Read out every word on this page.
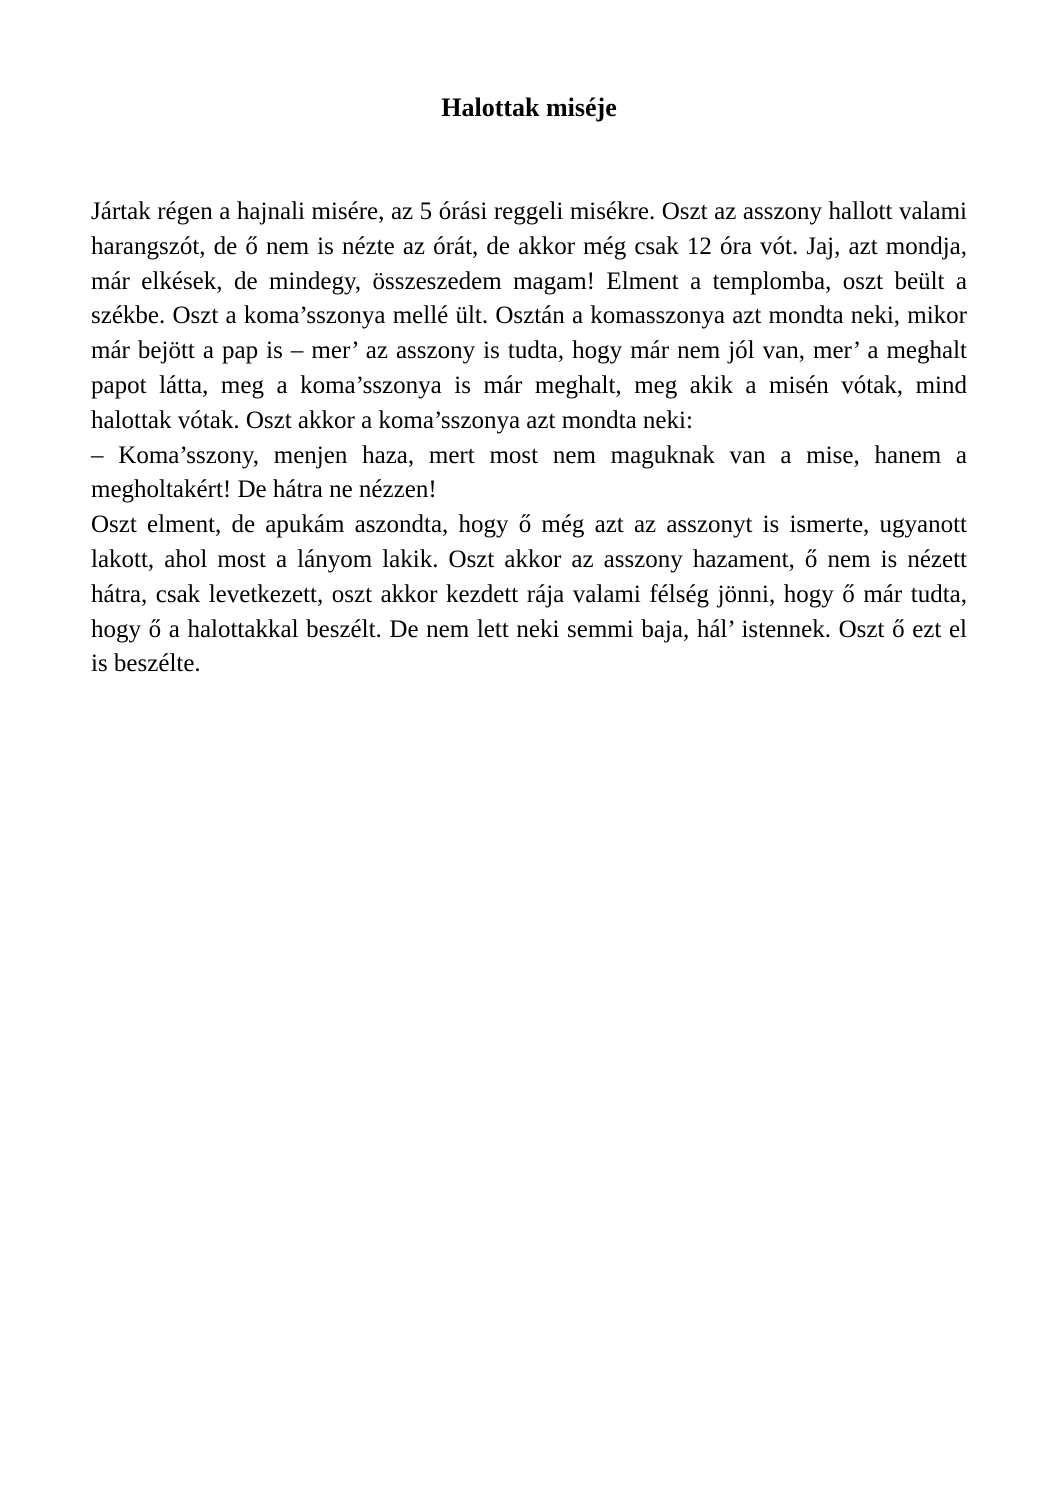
Halottak miséje

Jártak régen a hajnali misére, az 5 órási reggeli misékre. Oszt az asszony hallott valami harangszót, de ő nem is nézte az órát, de akkor még csak 12 óra vót. Jaj, azt mondja, már elkések, de mindegy, összeszedem magam! Elment a templomba, oszt beült a székbe. Oszt a koma’sszonya mellé ült. Osztán a komasszonya azt mondta neki, mikor már bejött a pap is – mer’ az asszony is tudta, hogy már nem jól van, mer’ a meghalt papot látta, meg a koma’sszonya is már meghalt, meg akik a misén vótak, mind halottak vótak. Oszt akkor a koma’sszonya azt mondta neki:

– Koma’sszony, menjen haza, mert most nem maguknak van a mise, hanem a megholtakért! De hátra ne nézzen!

Oszt elment, de apukám aszondta, hogy ő még azt az asszonyt is ismerte, ugyanott lakott, ahol most a lányom lakik. Oszt akkor az asszony hazament, ő nem is nézett hátra, csak levetkezett, oszt akkor kezdett rája valami félség jönni, hogy ő már tudta, hogy ő a halottakkal beszélt. De nem lett neki semmi baja, hál’ istennek. Oszt ő ezt el is beszélte.
